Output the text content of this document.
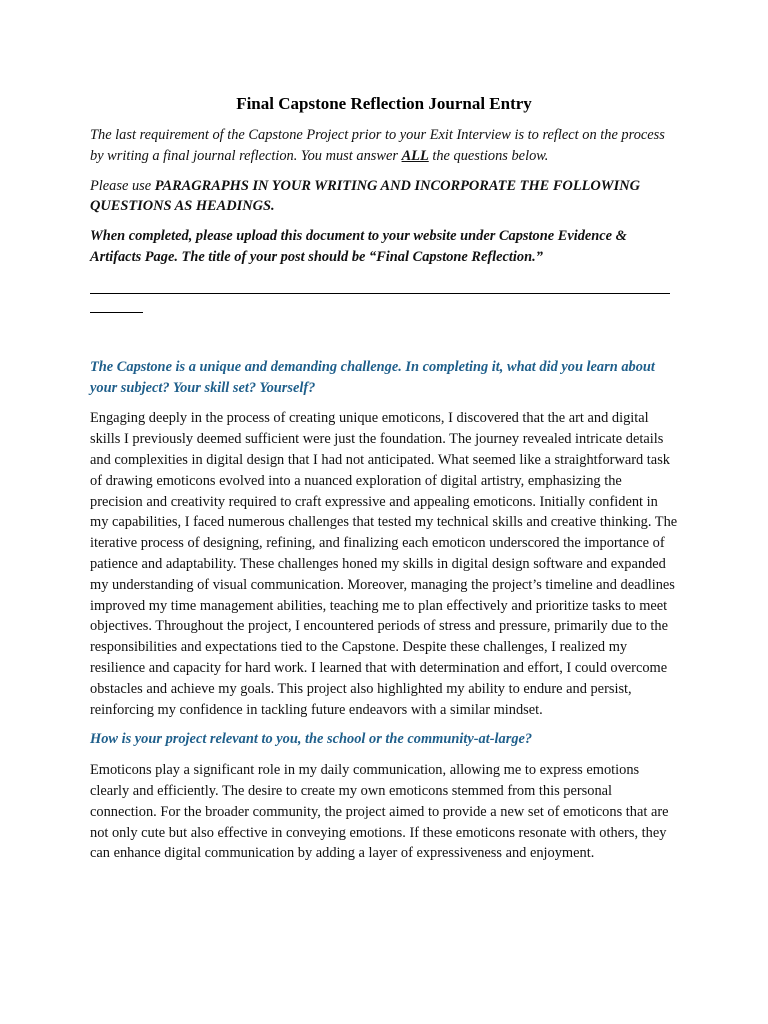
Final Capstone Reflection Journal Entry

The last requirement of the Capstone Project prior to your Exit Interview is to reflect on the process by writing a final journal reflection. You must answer ALL the questions below.

Please use PARAGRAPHS IN YOUR WRITING AND INCORPORATE THE FOLLOWING QUESTIONS AS HEADINGS.

When completed, please upload this document to your website under Capstone Evidence & Artifacts Page. The title of your post should be “Final Capstone Reflection.”

The Capstone is a unique and demanding challenge. In completing it, what did you learn about your subject? Your skill set? Yourself?

Engaging deeply in the process of creating unique emoticons, I discovered that the art and digital skills I previously deemed sufficient were just the foundation. The journey revealed intricate details and complexities in digital design that I had not anticipated. What seemed like a straightforward task of drawing emoticons evolved into a nuanced exploration of digital artistry, emphasizing the precision and creativity required to craft expressive and appealing emoticons. Initially confident in my capabilities, I faced numerous challenges that tested my technical skills and creative thinking. The iterative process of designing, refining, and finalizing each emoticon underscored the importance of patience and adaptability. These challenges honed my skills in digital design software and expanded my understanding of visual communication. Moreover, managing the project’s timeline and deadlines improved my time management abilities, teaching me to plan effectively and prioritize tasks to meet objectives. Throughout the project, I encountered periods of stress and pressure, primarily due to the responsibilities and expectations tied to the Capstone. Despite these challenges, I realized my resilience and capacity for hard work. I learned that with determination and effort, I could overcome obstacles and achieve my goals. This project also highlighted my ability to endure and persist, reinforcing my confidence in tackling future endeavors with a similar mindset.

How is your project relevant to you, the school or the community-at-large?

Emoticons play a significant role in my daily communication, allowing me to express emotions clearly and efficiently. The desire to create my own emoticons stemmed from this personal connection. For the broader community, the project aimed to provide a new set of emoticons that are not only cute but also effective in conveying emotions. If these emoticons resonate with others, they can enhance digital communication by adding a layer of expressiveness and enjoyment.
